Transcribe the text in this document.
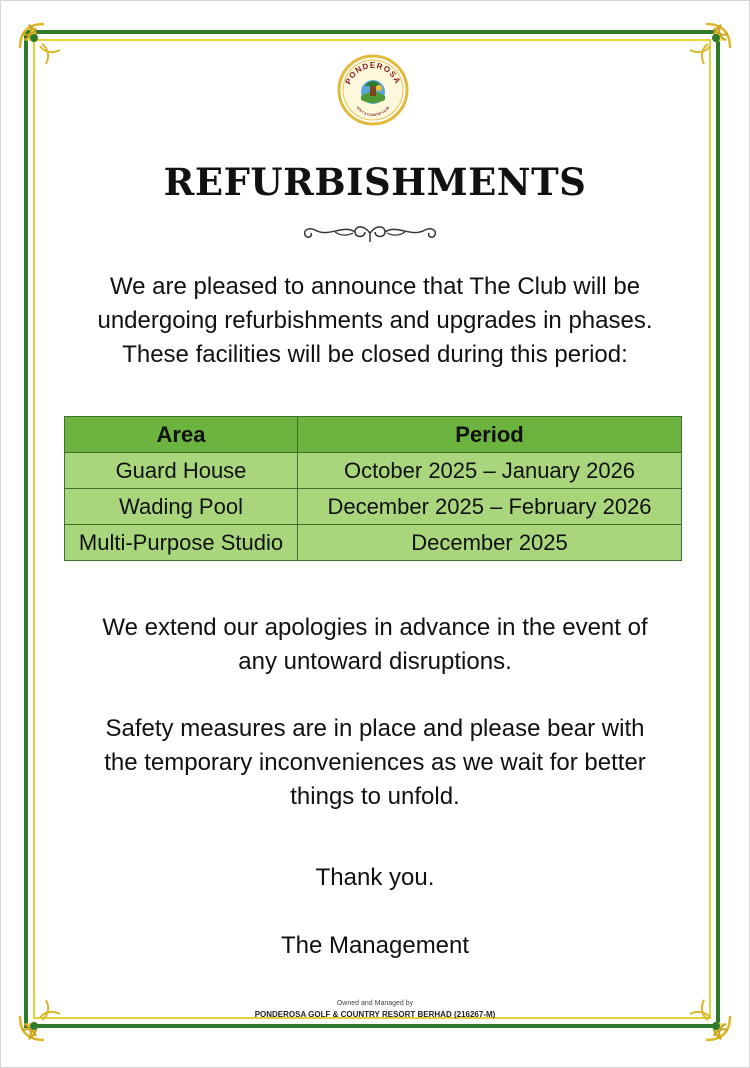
PONDEROSA
GOLF & COUNTRY CLUB
REFURBISHMENTS
We are pleased to announce that The Club will be
undergoing refurbishments and upgrades in phases.
These facilities will be closed during this period:
Area	Period
Guard House	October 2025 – January 2026
Wading Pool	December 2025 – February 2026
Multi-Purpose Studio	December 2025
We extend our apologies in advance in the event of
any untoward disruptions.
Safety measures are in place and please bear with
the temporary inconveniences as we wait for better
things to unfold.
Thank you.
The Management
Owned and Managed by
PONDEROSA GOLF & COUNTRY RESORT BERHAD (216267-M)
